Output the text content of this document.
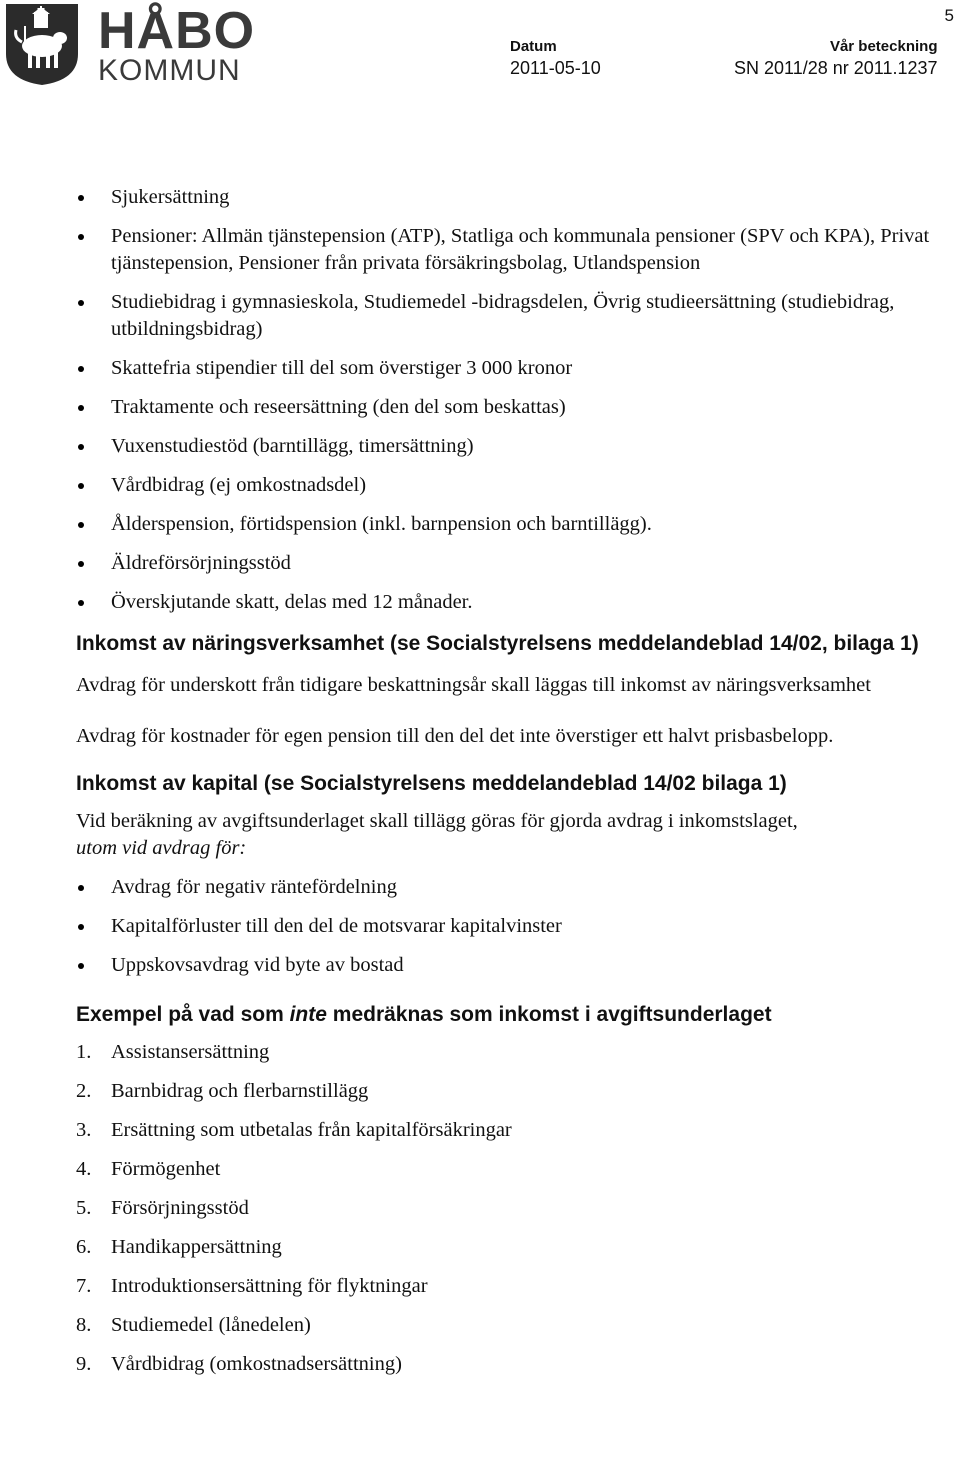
HÅBO
KOMMUN
5
Datum
2011-05-10
Vår beteckning
SN 2011/28 nr 2011.1237
Sjukersättning
Pensioner: Allmän tjänstepension (ATP), Statliga och kommunala pensioner (SPV och KPA), Privat tjänstepension, Pensioner från privata försäkringsbolag, Utlandspension
Studiebidrag i gymnasieskola, Studiemedel -bidragsdelen, Övrig studieersättning (studiebidrag, utbildningsbidrag)
Skattefria stipendier till del som överstiger 3 000 kronor
Traktamente och reseersättning (den del som beskattas)
Vuxenstudiestöd (barntillägg, timersättning)
Vårdbidrag (ej omkostnadsdel)
Ålderspension, förtidspension (inkl. barnpension och barntillägg).
Äldreförsörjningsstöd
Överskjutande skatt, delas med 12 månader.
Inkomst av näringsverksamhet (se Socialstyrelsens meddelandeblad 14/02, bilaga 1)

Avdrag för underskott från tidigare beskattningsår skall läggas till inkomst av näringsverksamhet

Avdrag för kostnader för egen pension till den del det inte överstiger ett halvt prisbasbelopp.

Inkomst av kapital (se Socialstyrelsens meddelandeblad 14/02 bilaga 1)

Vid beräkning av avgiftsunderlaget skall tillägg göras för gjorda avdrag i inkomstslaget,
utom vid avdrag för:

Avdrag för negativ räntefördelning
Kapitalförluster till den del de motsvarar kapitalvinster
Uppskovsavdrag vid byte av bostad
Exempel på vad som inte medräknas som inkomst i avgiftsunderlaget
1. Assistansersättning
2. Barnbidrag och flerbarnstillägg
3. Ersättning som utbetalas från kapitalförsäkringar
4. Förmögenhet
5. Försörjningsstöd
6. Handikappersättning
7. Introduktionsersättning för flyktningar
8. Studiemedel (lånedelen)
9. Vårdbidrag (omkostnadsersättning)
